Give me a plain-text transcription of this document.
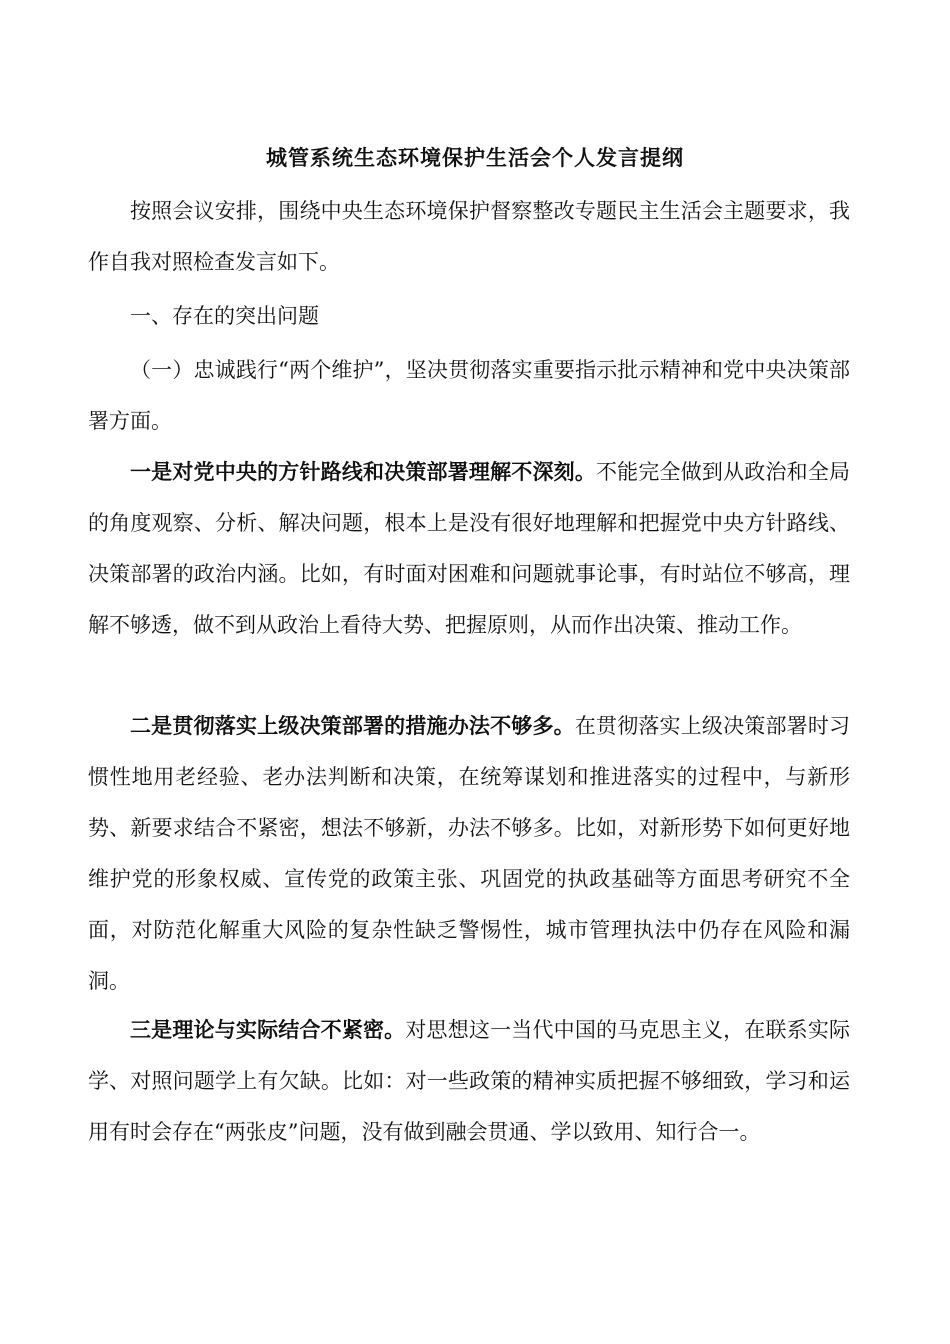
城管系统生态环境保护生活会个人发言提纲

按照会议安排，围绕中央生态环境保护督察整改专题民主生活会主题要求，我作自我对照检查发言如下。

一、存在的突出问题

（一）忠诚践行“两个维护”，坚决贯彻落实重要指示批示精神和党中央决策部署方面。

一是对党中央的方针路线和决策部署理解不深刻。不能完全做到从政治和全局的角度观察、分析、解决问题，根本上是没有很好地理解和把握党中央方针路线、决策部署的政治内涵。比如，有时面对困难和问题就事论事，有时站位不够高，理解不够透，做不到从政治上看待大势、把握原则，从而作出决策、推动工作。

二是贯彻落实上级决策部署的措施办法不够多。在贯彻落实上级决策部署时习惯性地用老经验、老办法判断和决策，在统筹谋划和推进落实的过程中，与新形势、新要求结合不紧密，想法不够新，办法不够多。比如，对新形势下如何更好地维护党的形象权威、宣传党的政策主张、巩固党的执政基础等方面思考研究不全面，对防范化解重大风险的复杂性缺乏警惕性，城市管理执法中仍存在风险和漏洞。

三是理论与实际结合不紧密。对思想这一当代中国的马克思主义，在联系实际学、对照问题学上有欠缺。比如：对一些政策的精神实质把握不够细致，学习和运用有时会存在“两张皮”问题，没有做到融会贯通、学以致用、知行合一。
